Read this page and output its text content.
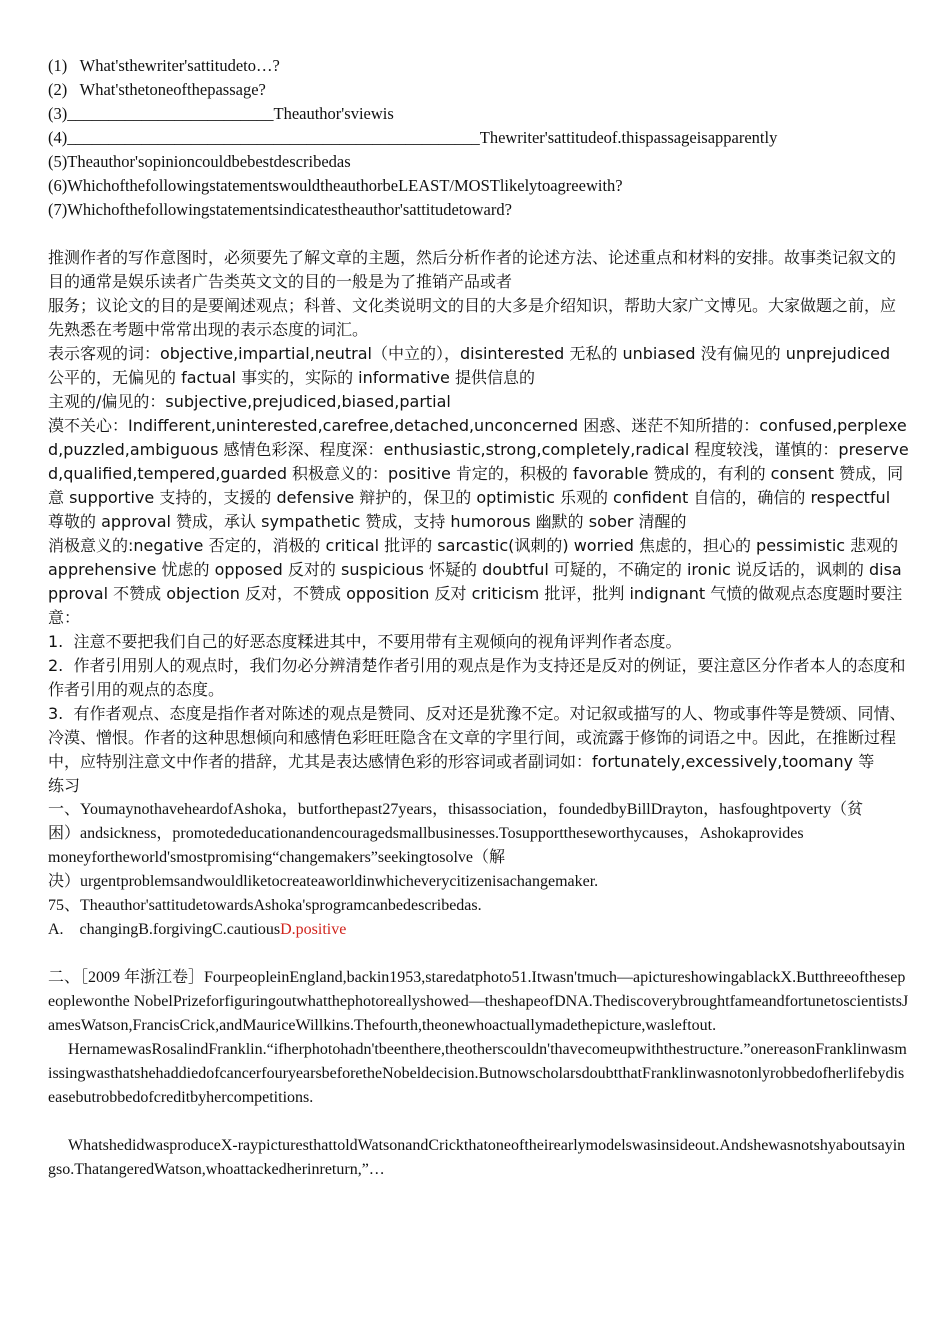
(1)   What'sthewriter'sattitudeto…?
(2)   What'sthetoneofthepassage?
(3)_________________________Theauthor'sviewis
(4)__________________________________________________Thewriter'sattitudeof.thispassageisapparently
(5)Theauthor'sopinioncouldbebestdescribedas
(6)WhichofthefollowingstatementswouldtheauthorbeLEAST/MOSTlikelytoagreewith?
(7)Whichofthefollowingstatementsindicatestheauthor'sattitudetoward?
推测作者的写作意图时，必须要先了解文章的主题，然后分析作者的论述方法、论述重点和材料的安排。故事类记叙文的目的通常是娱乐读者广告类英文文的目的一般是为了推销产品或者
服务；议论文的目的是要阐述观点；科普、文化类说明文的目的大多是介绍知识，帮助大家广文博见。大家做题之前，应先熟悉在考题中常常出现的表示态度的词汇。
表示客观的词：objective,impartial,neutral（中立的），disinterested 无私的 unbiased 没有偏见的 unprejudiced 公平的，无偏见的 factual 事实的，实际的 informative 提供信息的
主观的/偏见的：subjective,prejudiced,biased,partial
漠不关心：Indifferent,uninterested,carefree,detached,unconcerned 困惑、迷茫不知所措的：confused,perplexed,puzzled,ambiguous 感情色彩深、程度深：enthusiastic,strong,completely,radical 程度较浅，谨慎的：preserved,qualified,tempered,guarded 积极意义的：positive 肯定的，积极的 favorable 赞成的，有利的 consent 赞成，同意 supportive 支持的，支援的 defensive 辩护的，保卫的 optimistic 乐观的 confident 自信的，确信的 respectful 尊敬的 approval 赞成，承认 sympathetic 赞成，支持 humorous 幽默的 sober 清醒的
消极意义的:negative 否定的，消极的 critical 批评的 sarcastic(讽刺的) worried 焦虑的，担心的 pessimistic 悲观的 apprehensive 忧虑的 opposed 反对的 suspicious 怀疑的 doubtful 可疑的，不确定的 ironic 说反话的，讽刺的 disapproval 不赞成 objection 反对，不赞成 opposition 反对 criticism 批评，批判 indignant 气愤的做观点态度题时要注意：
1.  注意不要把我们自己的好恶态度糅进其中，不要用带有主观倾向的视角评判作者态度。
2.  作者引用别人的观点时，我们勿必分辨清楚作者引用的观点是作为支持还是反对的例证，要注意区分作者本人的态度和作者引用的观点的态度。
3.  有作者观点、态度是指作者对陈述的观点是赞同、反对还是犹豫不定。对记叙或描写的人、物或事件等是赞颂、同情、冷漠、憎恨。作者的这种思想倾向和感情色彩旺旺隐含在文章的字里行间，或流露于修饰的词语之中。因此，在推断过程中，应特别注意文中作者的措辞，尤其是表达感情色彩的形容词或者副词如：fortunately,excessively,toomany 等
练习
一、YoumaynothaveheardofAshoka，butforthepast27years，thisassociation，foundedbyBillDrayton，hasfoughtpoverty（贫
困）andsickness，promotededucationandencouragedsmallbusinesses.Tosupporttheseworthycauses，Ashokaprovides
moneyfortheworld'smostpromising“changemakers”seekingtosolve（解
决）urgentproblemsandwouldliketocreateaworldinwhicheverycitizenisachangemaker.
75、Theauthor'sattitudetowardsAshoka'sprogramcanbedescribedas.
A.    changingB.forgivingC.cautiousD.positive
二、［2009 年浙江卷］FourpeopleinEngland,backin1953,staredatphoto51.Itwasn'tmuch—apictureshowingablackX.Butthreeofthesepeoplewonthe NobelPrizeforfiguringoutwhatthephotoreallyshowed—theshapeofDNA.ThediscoverybroughtfameandfortunetoscientistsJamesWatson,FrancisCrick,andMauriceWillkins.Thefourth,theonewhoactuallymadethepicture,wasleftout.
HernamewasRosalindFranklin.“ifherphotohadn'tbeenthere,theotherscouldn'thavecomeupwiththestructure.”onereasonFranklinwasmissingwasthatshehaddiedofcancerfouryearsbeforetheNobeldecision.ButnowscholarsdoubtthatFranklinwasnotonlyrobbedofherlifebydiseasebutrobbedofcreditbyhercompetitions.
WhatshedidwasproduceX-raypicturesthattoldWatsonandCrickthatoneoftheirearlymodelswasinsideout.Andshewasnotshyaboutsayingso.ThatangeredWatson,whoattackedherinreturn,”…
